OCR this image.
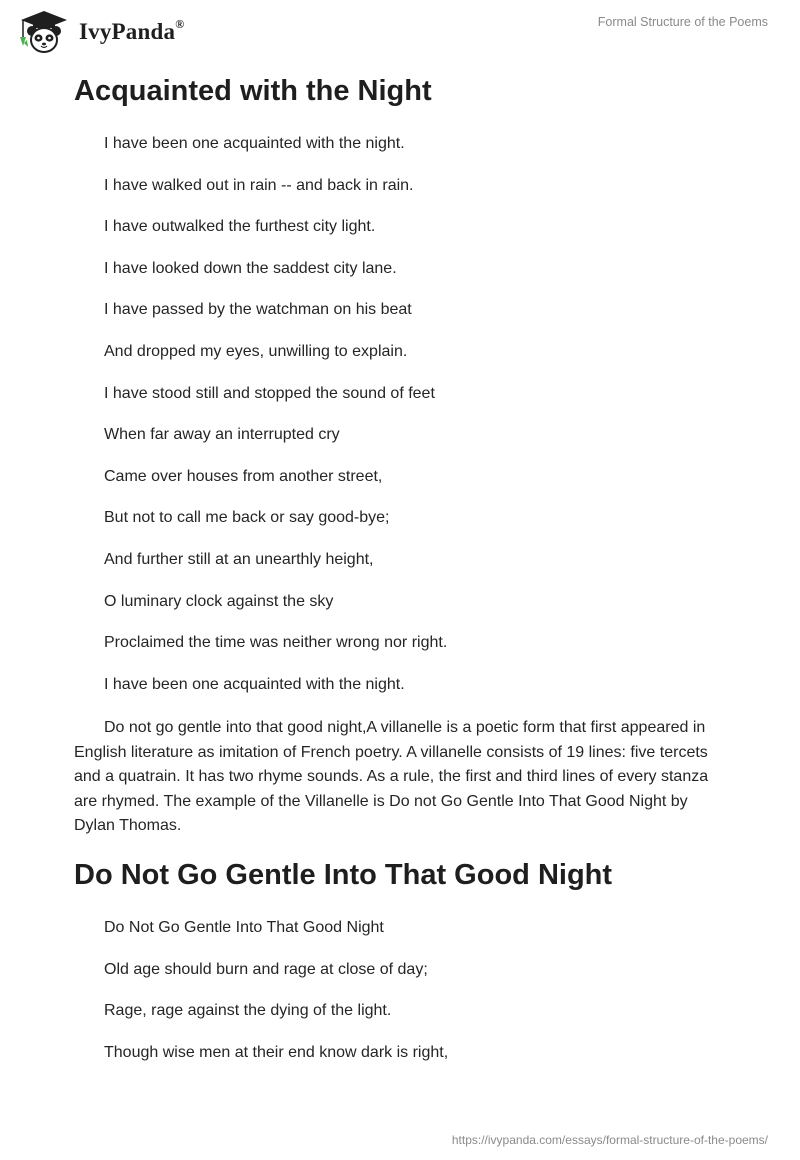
IvyPanda®	Formal Structure of the Poems
Acquainted with the Night
I have been one acquainted with the night.
I have walked out in rain -- and back in rain.
I have outwalked the furthest city light.
I have looked down the saddest city lane.
I have passed by the watchman on his beat
And dropped my eyes, unwilling to explain.
I have stood still and stopped the sound of feet
When far away an interrupted cry
Came over houses from another street,
But not to call me back or say good-bye;
And further still at an unearthly height,
O luminary clock against the sky
Proclaimed the time was neither wrong nor right.
I have been one acquainted with the night.

Do not go gentle into that good night,A villanelle is a poetic form that first appeared in English literature as imitation of French poetry. A villanelle consists of 19 lines: five tercets and a quatrain. It has two rhyme sounds. As a rule, the first and third lines of every stanza are rhymed. The example of the Villanelle is Do not Go Gentle Into That Good Night by Dylan Thomas.

Do Not Go Gentle Into That Good Night
Do Not Go Gentle Into That Good Night
Old age should burn and rage at close of day;
Rage, rage against the dying of the light.
Though wise men at their end know dark is right,
https://ivypanda.com/essays/formal-structure-of-the-poems/
